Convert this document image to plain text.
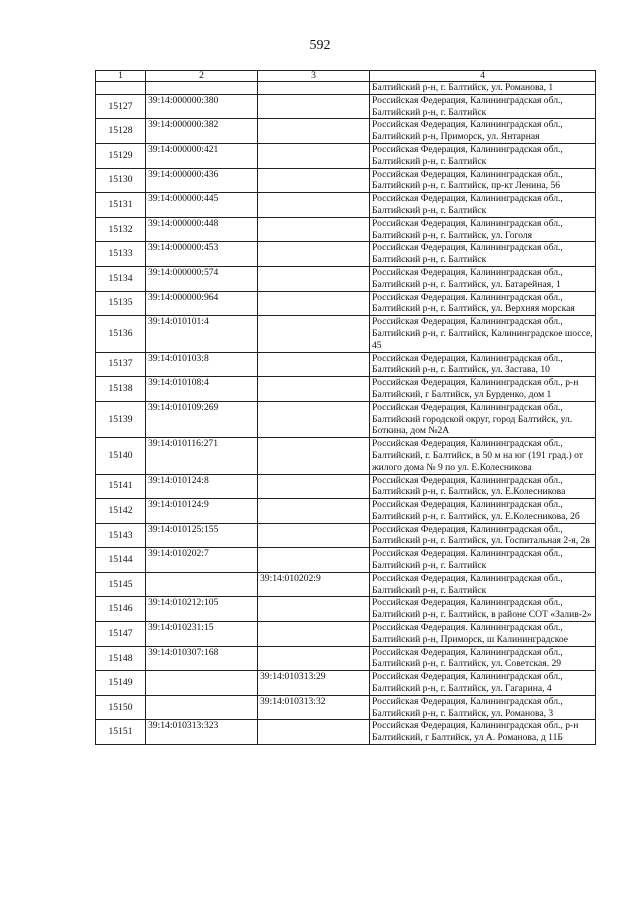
592
1	2	3	4
			Балтийский р-н, г. Балтийск, ул. Романова, 1
15127	39:14:000000:380		Российская Федерация, Калининградская обл., Балтийский р-н, г. Балтийск
15128	39:14:000000:382		Российская Федерация, Калининградская обл., Балтийский р-н, Приморск, ул. Янтарная
15129	39:14:000000:421		Российская Федерация, Калининградская обл., Балтийский р-н, г. Балтийск
15130	39:14:000000:436		Российская Федерация, Калининградская обл., Балтийский р-н, г. Балтийск, пр-кт Ленина, 56
15131	39:14:000000:445		Российская Федерация, Калининградская обл., Балтийский р-н, г. Балтийск
15132	39:14:000000:448		Российская Федерация, Калининградская обл., Балтийский р-н, г. Балтийск, ул. Гоголя
15133	39:14:000000:453		Российская Федерация, Калининградская обл., Балтийский р-н, г. Балтийск
15134	39:14:000000:574		Российская Федерация, Калининградская обл., Балтийский р-н, г. Балтийск, ул. Батарейная, 1
15135	39:14:000000:964		Российская Федерация. Калининградская обл., Балтийский р-н, г. Балтийск, ул. Верхняя морская
15136	39:14:010101:4		Российская Федерация, Калининградская обл., Балтийский р-н, г. Балтийск, Калининградское шоссе, 45
15137	39:14:010103:8		Российская Федерация, Калининградская обл., Балтийский р-н, г. Балтийск, ул. Застава, 10
15138	39:14:010108:4		Российская Федерация, Калининградская обл., р-н Балтийский, г Балтийск, ул Бурденко, дом 1
15139	39:14:010109:269		Российская Федерация, Калининградская обл., Балтийский городской округ, город Балтийск, ул. Боткина, дом №2А
15140	39:14:010116:271		Российская Федерация, Калининградская обл., Балтийский, г. Балтийск, в 50 м на юг (191 град.) от жилого дома № 9 по ул. Е.Колесникова
15141	39:14:010124:8		Российская Федерация, Калининградская обл., Балтийский р-н, г. Балтийск, ул. Е.Колесникова
15142	39:14:010124:9		Российская Федерация, Калининградская обл., Балтийский р-н, г. Балтийск, ул. Е.Колесникова, 2б
15143	39:14:010125:155		Российская Федерация, Калининградская обл., Балтийский р-н, г. Балтийск, ул. Госпитальная 2-я, 2в
15144	39:14:010202:7		Российская Федерация. Калининградская обл., Балтийский р-н, г. Балтийск
15145		39:14:010202:9	Российская Федерация, Калининградская обл., Балтийский р-н, г. Балтийск
15146	39:14:010212:105		Российская Федерация, Калининградская обл., Балтийский р-н, г. Балтийск, в районе СОТ «Залив-2»
15147	39:14:010231:15		Российская Федерация. Калининградская обл., Балтийский р-н, Приморск, ш Калининградское
15148	39:14:010307:168		Российская Федерация, Калининградская обл., Балтийский р-н, г. Балтийск, ул. Советская. 29
15149		39:14:010313:29	Российская Федерация, Калининградская обл., Балтийский р-н, г. Балтийск, ул. Гагарина, 4
15150		39:14:010313:32	Российская Федерация, Калининградская обл., Балтийский р-н, г. Балтийск, ул. Романова, 3
15151	39:14:010313:323		Российская Федерация, Калининградская обл., р-н Балтийский, г Балтийск, ул А. Романова, д 11Б
